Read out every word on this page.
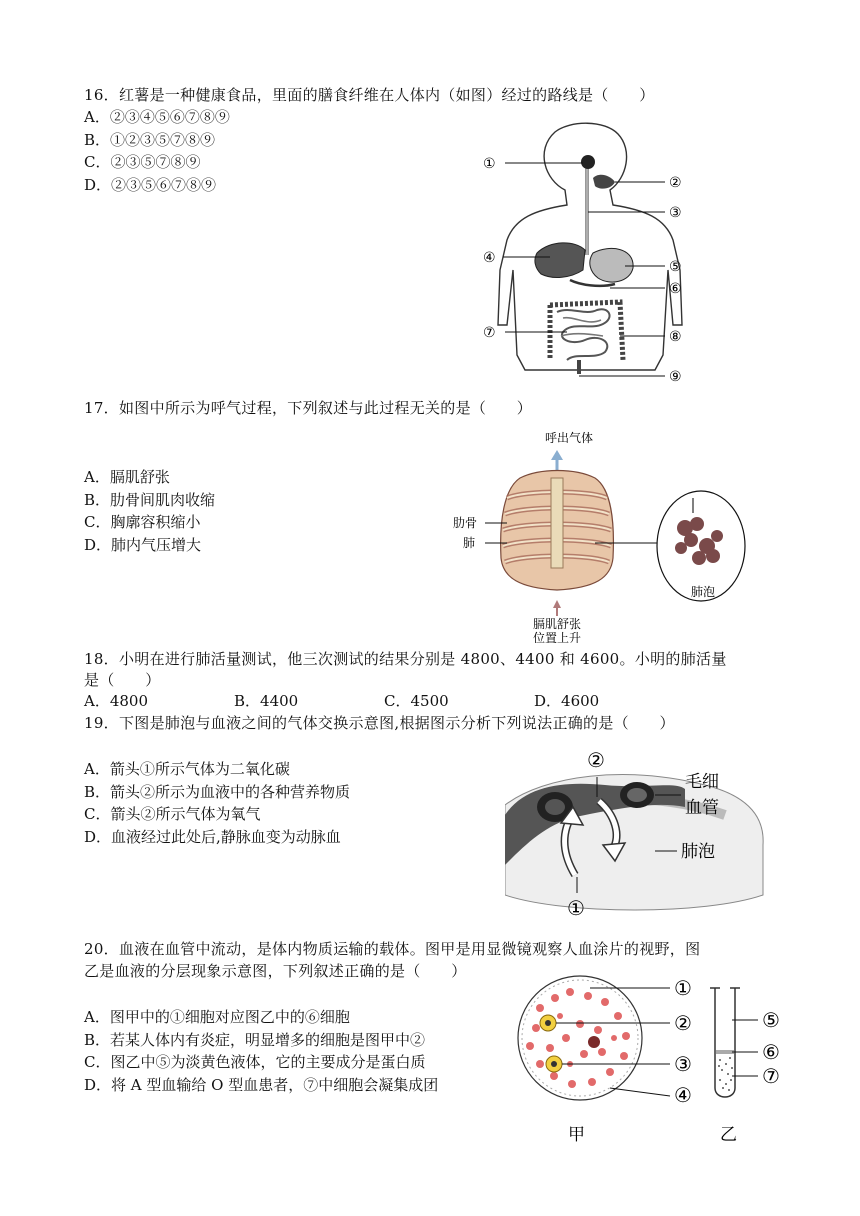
16．红薯是一种健康食品，里面的膳食纤维在人体内（如图）经过的路线是（　　）
A．②③④⑤⑥⑦⑧⑨
B．①②③⑤⑦⑧⑨
C．②③⑤⑦⑧⑨
D．②③⑤⑥⑦⑧⑨
①
②
③
④
⑤
⑥
⑦	⑧
⑨
17．如图中所示为呼气过程，下列叙述与此过程无关的是（　　）
A．膈肌舒张
B．肋骨间肌肉收缩
C．胸廓容积缩小
D．肺内气压增大
呼出气体
肋骨
肺
肺泡
膈肌舒张
位置上升
18．小明在进行肺活量测试，他三次测试的结果分别是 4800、4400 和 4600。小明的肺活量
是（　　）
A．4800	B．4400	C．4500	D．4600
19．下图是肺泡与血液之间的气体交换示意图,根据图示分析下列说法正确的是（　　）
A．箭头①所示气体为二氧化碳
B．箭头②所示为血液中的各种营养物质
C．箭头②所示气体为氧气
D．血液经过此处后,静脉血变为动脉血
②
①
毛细
血管
肺泡
20．血液在血管中流动，是体内物质运输的载体。图甲是用显微镜观察人血涂片的视野，图
乙是血液的分层现象示意图，下列叙述正确的是（　　）
A．图甲中的①细胞对应图乙中的⑥细胞
B．若某人体内有炎症，明显增多的细胞是图甲中②
C．图乙中⑤为淡黄色液体，它的主要成分是蛋白质
D．将 A 型血输给 O 型血患者，⑦中细胞会凝集成团
①
②
③
④
⑤
⑥
⑦
甲	乙
